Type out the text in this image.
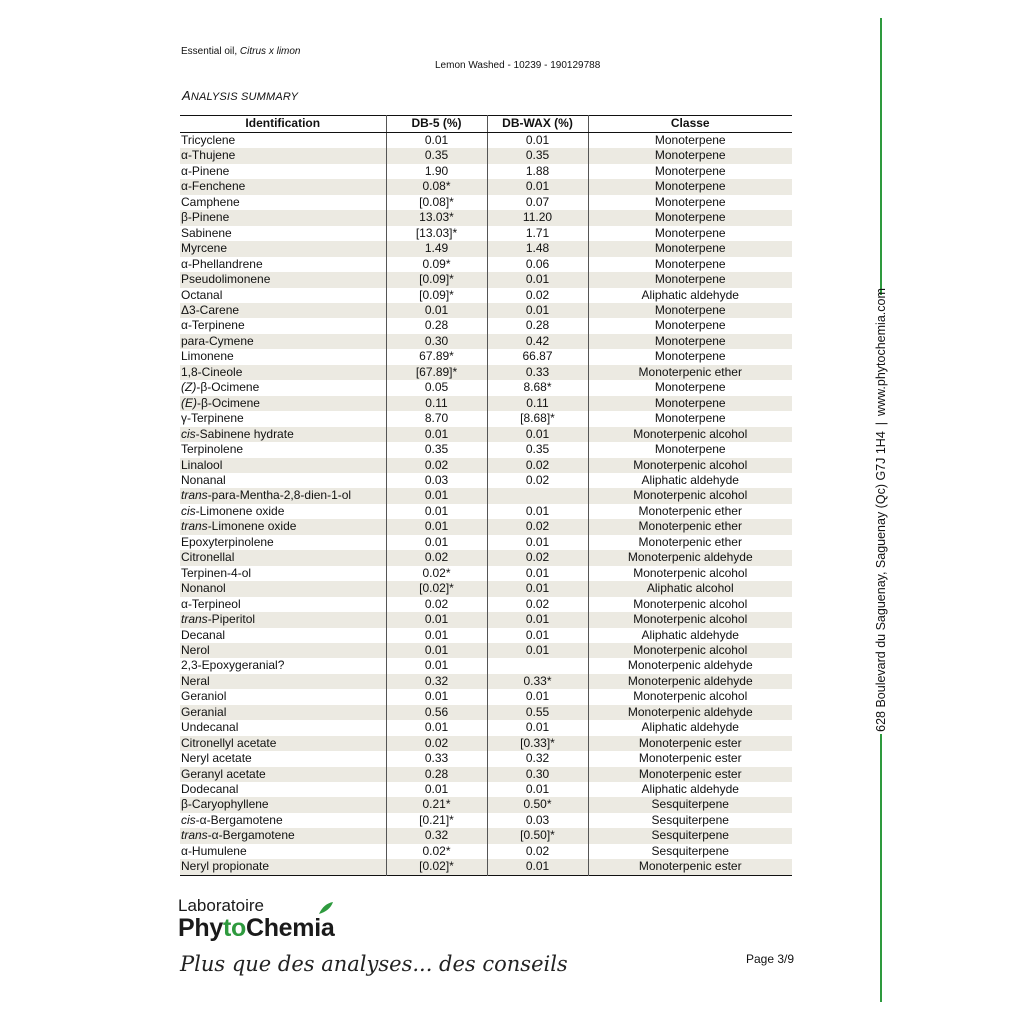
Essential oil, Citrus x limon
Lemon Washed - 10239 - 190129788
ANALYSIS SUMMARY
Identification	DB-5 (%)	DB-WAX (%)	Classe
Tricyclene	0.01	0.01	Monoterpene
α-Thujene	0.35	0.35	Monoterpene
α-Pinene	1.90	1.88	Monoterpene
α-Fenchene	0.08*	0.01	Monoterpene
Camphene	[0.08]*	0.07	Monoterpene
β-Pinene	13.03*	11.20	Monoterpene
Sabinene	[13.03]*	1.71	Monoterpene
Myrcene	1.49	1.48	Monoterpene
α-Phellandrene	0.09*	0.06	Monoterpene
Pseudolimonene	[0.09]*	0.01	Monoterpene
Octanal	[0.09]*	0.02	Aliphatic aldehyde
Δ3-Carene	0.01	0.01	Monoterpene
α-Terpinene	0.28	0.28	Monoterpene
para-Cymene	0.30	0.42	Monoterpene
Limonene	67.89*	66.87	Monoterpene
1,8-Cineole	[67.89]*	0.33	Monoterpenic ether
(Z)-β-Ocimene	0.05	8.68*	Monoterpene
(E)-β-Ocimene	0.11	0.11	Monoterpene
γ-Terpinene	8.70	[8.68]*	Monoterpene
cis-Sabinene hydrate	0.01	0.01	Monoterpenic alcohol
Terpinolene	0.35	0.35	Monoterpene
Linalool	0.02	0.02	Monoterpenic alcohol
Nonanal	0.03	0.02	Aliphatic aldehyde
trans-para-Mentha-2,8-dien-1-ol	0.01		Monoterpenic alcohol
cis-Limonene oxide	0.01	0.01	Monoterpenic ether
trans-Limonene oxide	0.01	0.02	Monoterpenic ether
Epoxyterpinolene	0.01	0.01	Monoterpenic ether
Citronellal	0.02	0.02	Monoterpenic aldehyde
Terpinen-4-ol	0.02*	0.01	Monoterpenic alcohol
Nonanol	[0.02]*	0.01	Aliphatic alcohol
α-Terpineol	0.02	0.02	Monoterpenic alcohol
trans-Piperitol	0.01	0.01	Monoterpenic alcohol
Decanal	0.01	0.01	Aliphatic aldehyde
Nerol	0.01	0.01	Monoterpenic alcohol
2,3-Epoxygeranial?	0.01		Monoterpenic aldehyde
Neral	0.32	0.33*	Monoterpenic aldehyde
Geraniol	0.01	0.01	Monoterpenic alcohol
Geranial	0.56	0.55	Monoterpenic aldehyde
Undecanal	0.01	0.01	Aliphatic aldehyde
Citronellyl acetate	0.02	[0.33]*	Monoterpenic ester
Neryl acetate	0.33	0.32	Monoterpenic ester
Geranyl acetate	0.28	0.30	Monoterpenic ester
Dodecanal	0.01	0.01	Aliphatic aldehyde
β-Caryophyllene	0.21*	0.50*	Sesquiterpene
cis-α-Bergamotene	[0.21]*	0.03	Sesquiterpene
trans-α-Bergamotene	0.32	[0.50]*	Sesquiterpene
α-Humulene	0.02*	0.02	Sesquiterpene
Neryl propionate	[0.02]*	0.01	Monoterpenic ester
Laboratoire
PhytoChemia
Plus que des analyses... des conseils	Page 3/9
628 Boulevard du Saguenay, Saguenay (Qc) G7J 1H4|www.phytochemia.com
